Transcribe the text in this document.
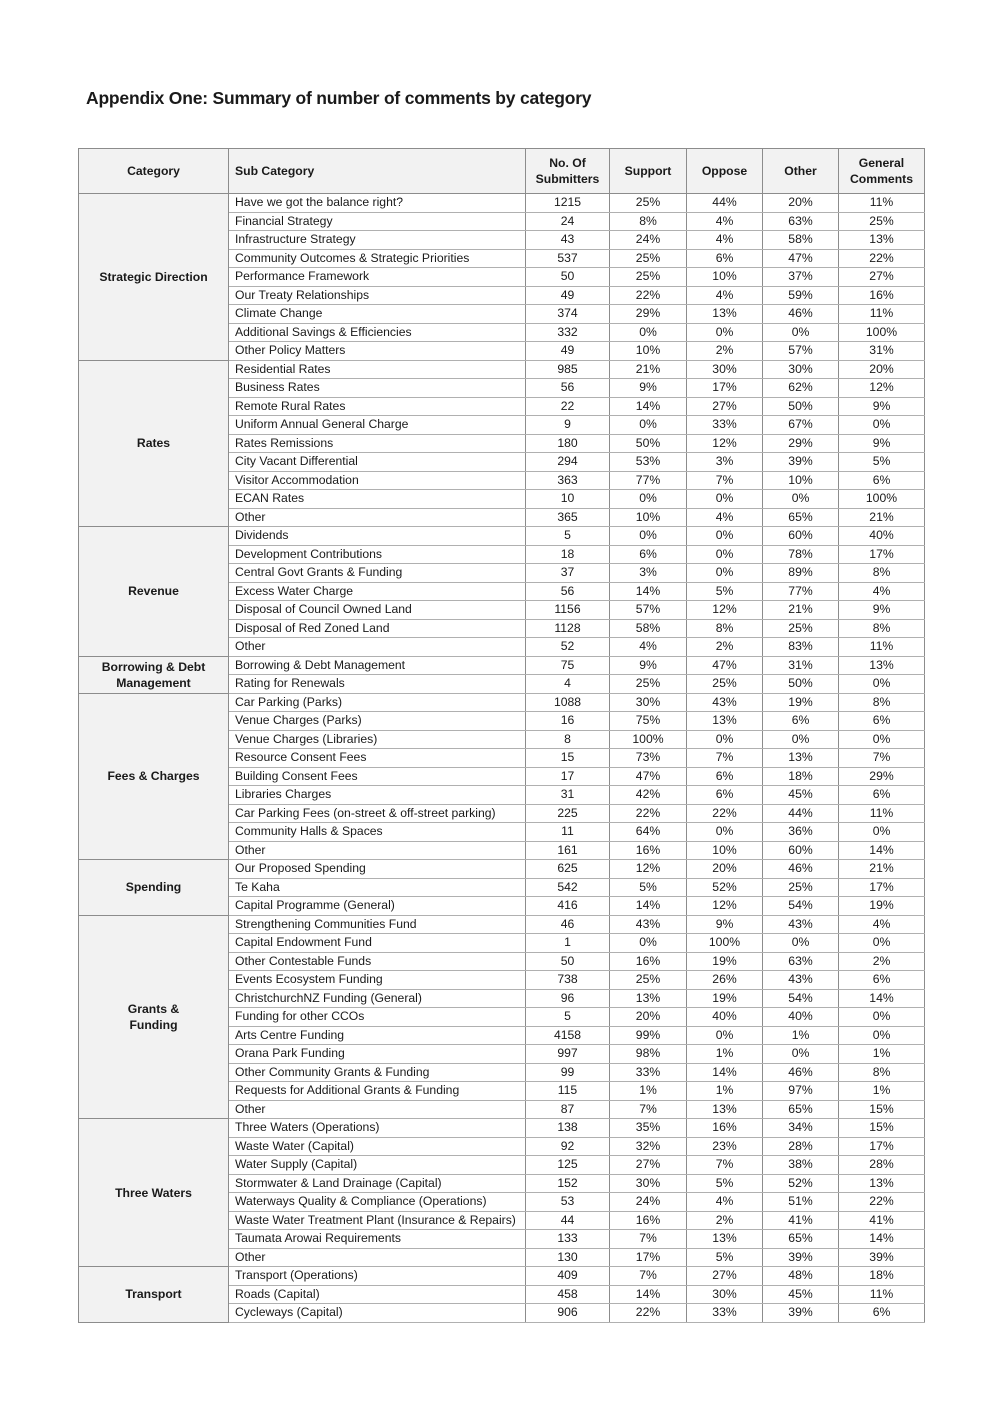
Appendix One: Summary of number of comments by category
Category	Sub Category	No. Of Submitters	Support	Oppose	Other	General Comments
Strategic Direction	Have we got the balance right?	1215	25%	44%	20%	11%
	Financial Strategy	24	8%	4%	63%	25%
	Infrastructure Strategy	43	24%	4%	58%	13%
	Community Outcomes & Strategic Priorities	537	25%	6%	47%	22%
	Performance Framework	50	25%	10%	37%	27%
	Our Treaty Relationships	49	22%	4%	59%	16%
	Climate Change	374	29%	13%	46%	11%
	Additional Savings & Efficiencies	332	0%	0%	0%	100%
	Other Policy Matters	49	10%	2%	57%	31%
Rates	Residential Rates	985	21%	30%	30%	20%
	Business Rates	56	9%	17%	62%	12%
	Remote Rural Rates	22	14%	27%	50%	9%
	Uniform Annual General Charge	9	0%	33%	67%	0%
	Rates Remissions	180	50%	12%	29%	9%
	City Vacant Differential	294	53%	3%	39%	5%
	Visitor Accommodation	363	77%	7%	10%	6%
	ECAN Rates	10	0%	0%	0%	100%
	Other	365	10%	4%	65%	21%
Revenue	Dividends	5	0%	0%	60%	40%
	Development Contributions	18	6%	0%	78%	17%
	Central Govt Grants & Funding	37	3%	0%	89%	8%
	Excess Water Charge	56	14%	5%	77%	4%
	Disposal of Council Owned Land	1156	57%	12%	21%	9%
	Disposal of Red Zoned Land	1128	58%	8%	25%	8%
	Other	52	4%	2%	83%	11%
Borrowing & Debt Management	Borrowing & Debt Management	75	9%	47%	31%	13%
	Rating for Renewals	4	25%	25%	50%	0%
Fees & Charges	Car Parking (Parks)	1088	30%	43%	19%	8%
	Venue Charges (Parks)	16	75%	13%	6%	6%
	Venue Charges (Libraries)	8	100%	0%	0%	0%
	Resource Consent Fees	15	73%	7%	13%	7%
	Building Consent Fees	17	47%	6%	18%	29%
	Libraries Charges	31	42%	6%	45%	6%
	Car Parking Fees (on-street & off-street parking)	225	22%	22%	44%	11%
	Community Halls & Spaces	11	64%	0%	36%	0%
	Other	161	16%	10%	60%	14%
Spending	Our Proposed Spending	625	12%	20%	46%	21%
	Te Kaha	542	5%	52%	25%	17%
	Capital Programme (General)	416	14%	12%	54%	19%
Grants & Funding	Strengthening Communities Fund	46	43%	9%	43%	4%
	Capital Endowment Fund	1	0%	100%	0%	0%
	Other Contestable Funds	50	16%	19%	63%	2%
	Events Ecosystem Funding	738	25%	26%	43%	6%
	ChristchurchNZ Funding (General)	96	13%	19%	54%	14%
	Funding for other CCOs	5	20%	40%	40%	0%
	Arts Centre Funding	4158	99%	0%	1%	0%
	Orana Park Funding	997	98%	1%	0%	1%
	Other Community Grants & Funding	99	33%	14%	46%	8%
	Requests for Additional Grants & Funding	115	1%	1%	97%	1%
	Other	87	7%	13%	65%	15%
Three Waters	Three Waters (Operations)	138	35%	16%	34%	15%
	Waste Water (Capital)	92	32%	23%	28%	17%
	Water Supply (Capital)	125	27%	7%	38%	28%
	Stormwater & Land Drainage (Capital)	152	30%	5%	52%	13%
	Waterways Quality & Compliance (Operations)	53	24%	4%	51%	22%
	Waste Water Treatment Plant (Insurance & Repairs)	44	16%	2%	41%	41%
	Taumata Arowai Requirements	133	7%	13%	65%	14%
	Other	130	17%	5%	39%	39%
Transport	Transport (Operations)	409	7%	27%	48%	18%
	Roads (Capital)	458	14%	30%	45%	11%
	Cycleways (Capital)	906	22%	33%	39%	6%
